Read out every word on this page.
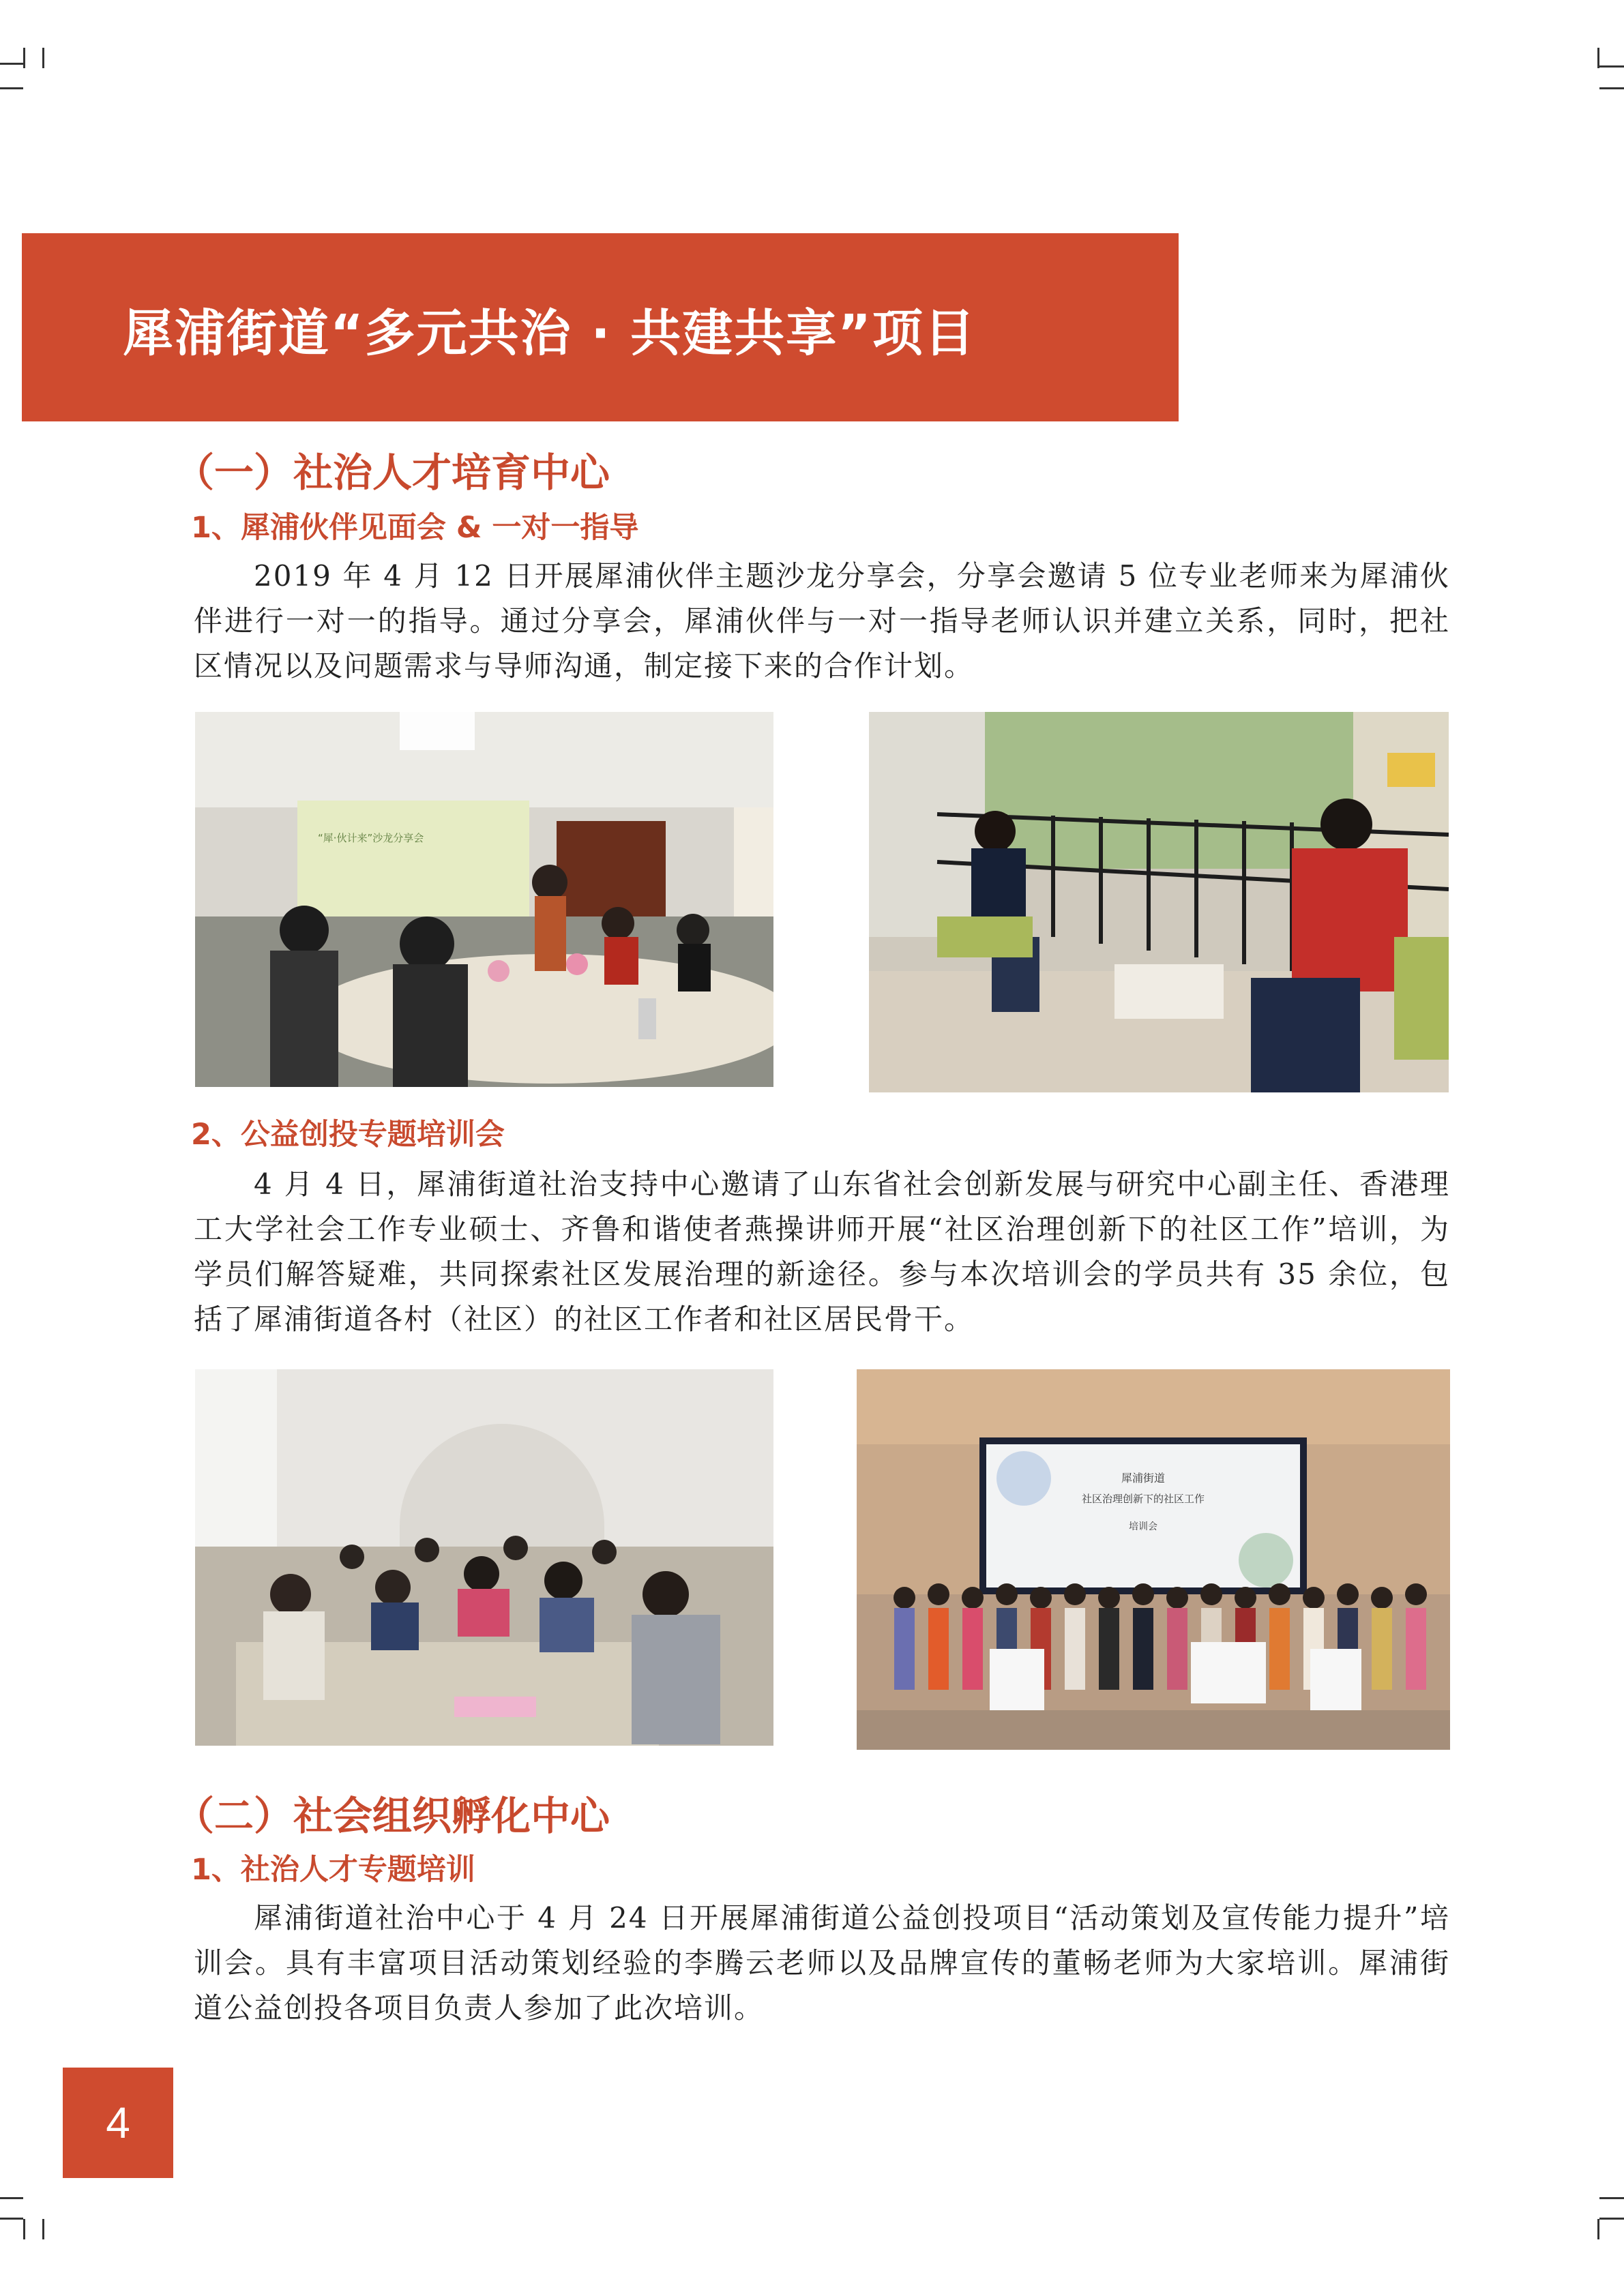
犀浦街道“多元共治 · 共建共享”项目
（一）社治人才培育中心
1、犀浦伙伴见面会 & 一对一指导

2019 年 4 月 12 日开展犀浦伙伴主题沙龙分享会，分享会邀请 5 位专业老师来为犀浦伙伴进行一对一的指导。通过分享会，犀浦伙伴与一对一指导老师认识并建立关系，同时，把社区情况以及问题需求与导师沟通，制定接下来的合作计划。

“犀·伙计来”沙龙分享会
2、公益创投专题培训会

4 月 4 日，犀浦街道社治支持中心邀请了山东省社会创新发展与研究中心副主任、香港理工大学社会工作专业硕士、齐鲁和谐使者燕操讲师开展“社区治理创新下的社区工作”培训，为学员们解答疑难，共同探索社区发展治理的新途径。参与本次培训会的学员共有 35 余位，包括了犀浦街道各村（社区）的社区工作者和社区居民骨干。

犀浦街道
社区治理创新下的社区工作
培训会
（二）社会组织孵化中心
1、社治人才专题培训

犀浦街道社治中心于 4 月 24 日开展犀浦街道公益创投项目“活动策划及宣传能力提升”培训会。具有丰富项目活动策划经验的李腾云老师以及品牌宣传的董畅老师为大家培训。犀浦街道公益创投各项目负责人参加了此次培训。

4
